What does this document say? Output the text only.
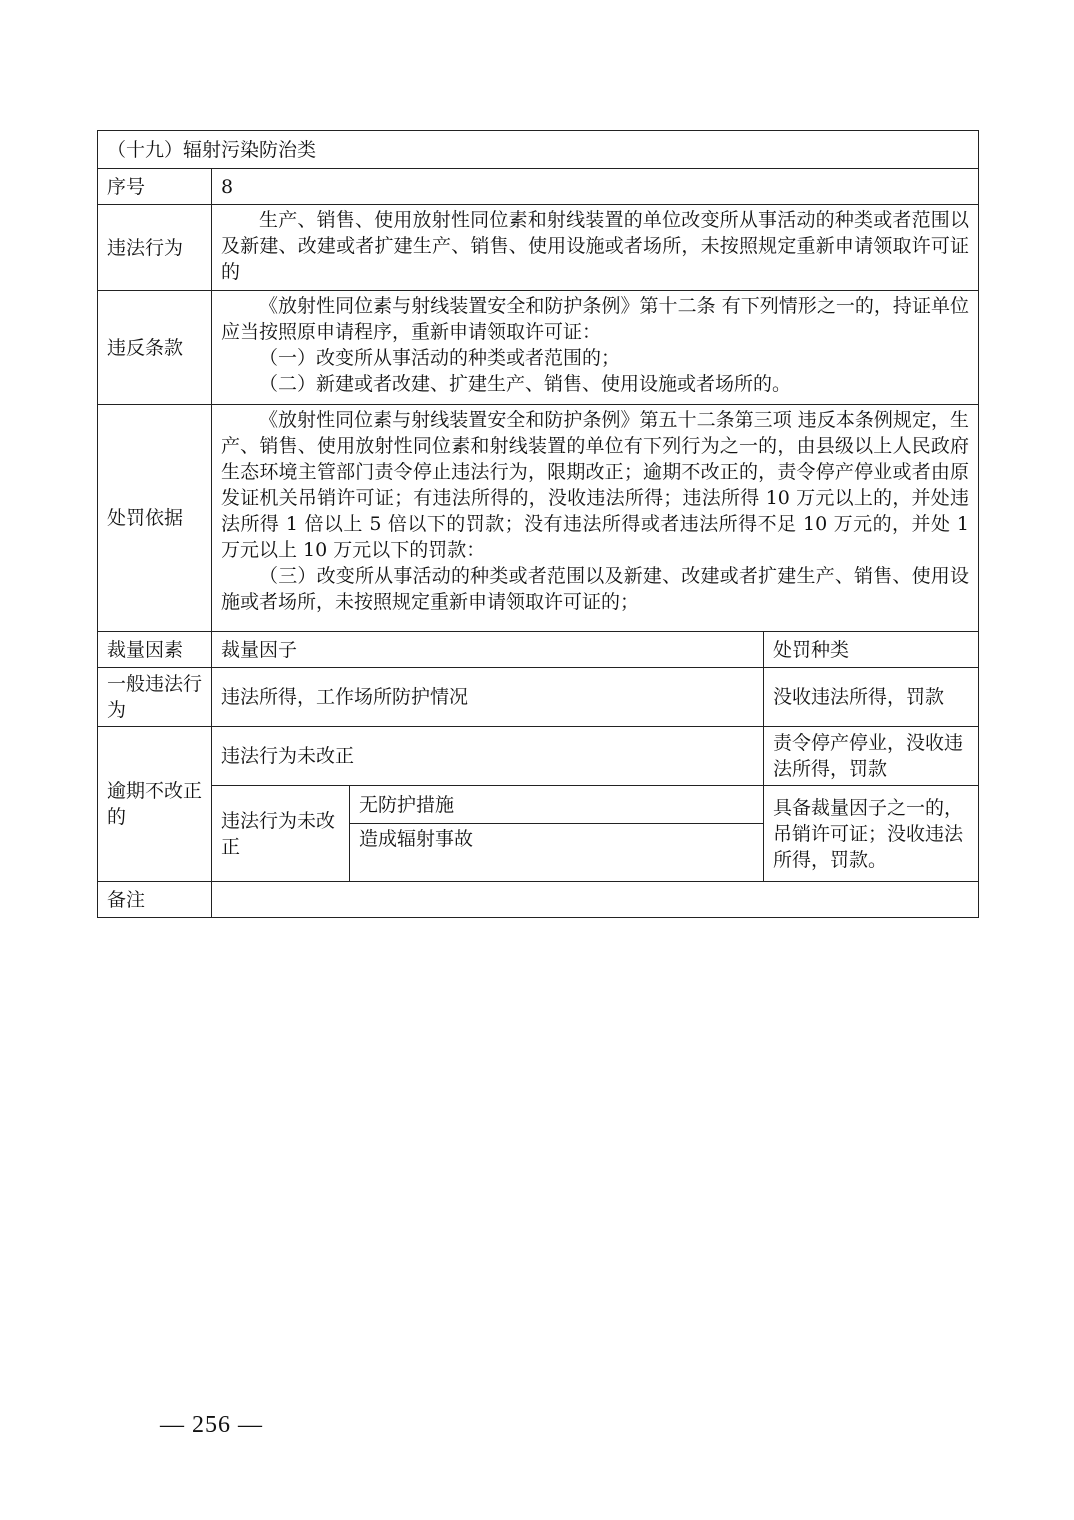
（十九）辐射污染防治类			
序号	8		
违法行为	生产、销售、使用放射性同位素和射线装置的单位改变所从事活动的种类或者范围以及新建、改建或者扩建生产、销售、使用设施或者场所，未按照规定重新申请领取许可证的		

违反条款	《放射性同位素与射线装置安全和防护条例》第十二条 有下列情形之一的，持证单位应当按照原申请程序，重新申请领取许可证：

（一）改变所从事活动的种类或者范围的；

（二）新建或者改建、扩建生产、销售、使用设施或者场所的。		

处罚依据	《放射性同位素与射线装置安全和防护条例》第五十二条第三项 违反本条例规定，生产、销售、使用放射性同位素和射线装置的单位有下列行为之一的，由县级以上人民政府生态环境主管部门责令停止违法行为，限期改正；逾期不改正的，责令停产停业或者由原发证机关吊销许可证；有违法所得的，没收违法所得；违法所得 10 万元以上的，并处违法所得 1 倍以上 5 倍以下的罚款；没有违法所得或者违法所得不足 10 万元的，并处 1 万元以上 10 万元以下的罚款：

（三）改变所从事活动的种类或者范围以及新建、改建或者扩建生产、销售、使用设施或者场所，未按照规定重新申请领取许可证的；		

裁量因素	裁量因子		处罚种类
一般违法行为	违法所得，工作场所防护情况		没收违法所得，罚款
逾期不改正的	违法行为未改正		责令停产停业，没收违法所得，罚款
	违法行为未改正	无防护措施	具备裁量因子之一的，吊销许可证；没收违法所得，罚款。
		造成辐射事故	
备注			
— 256 —
